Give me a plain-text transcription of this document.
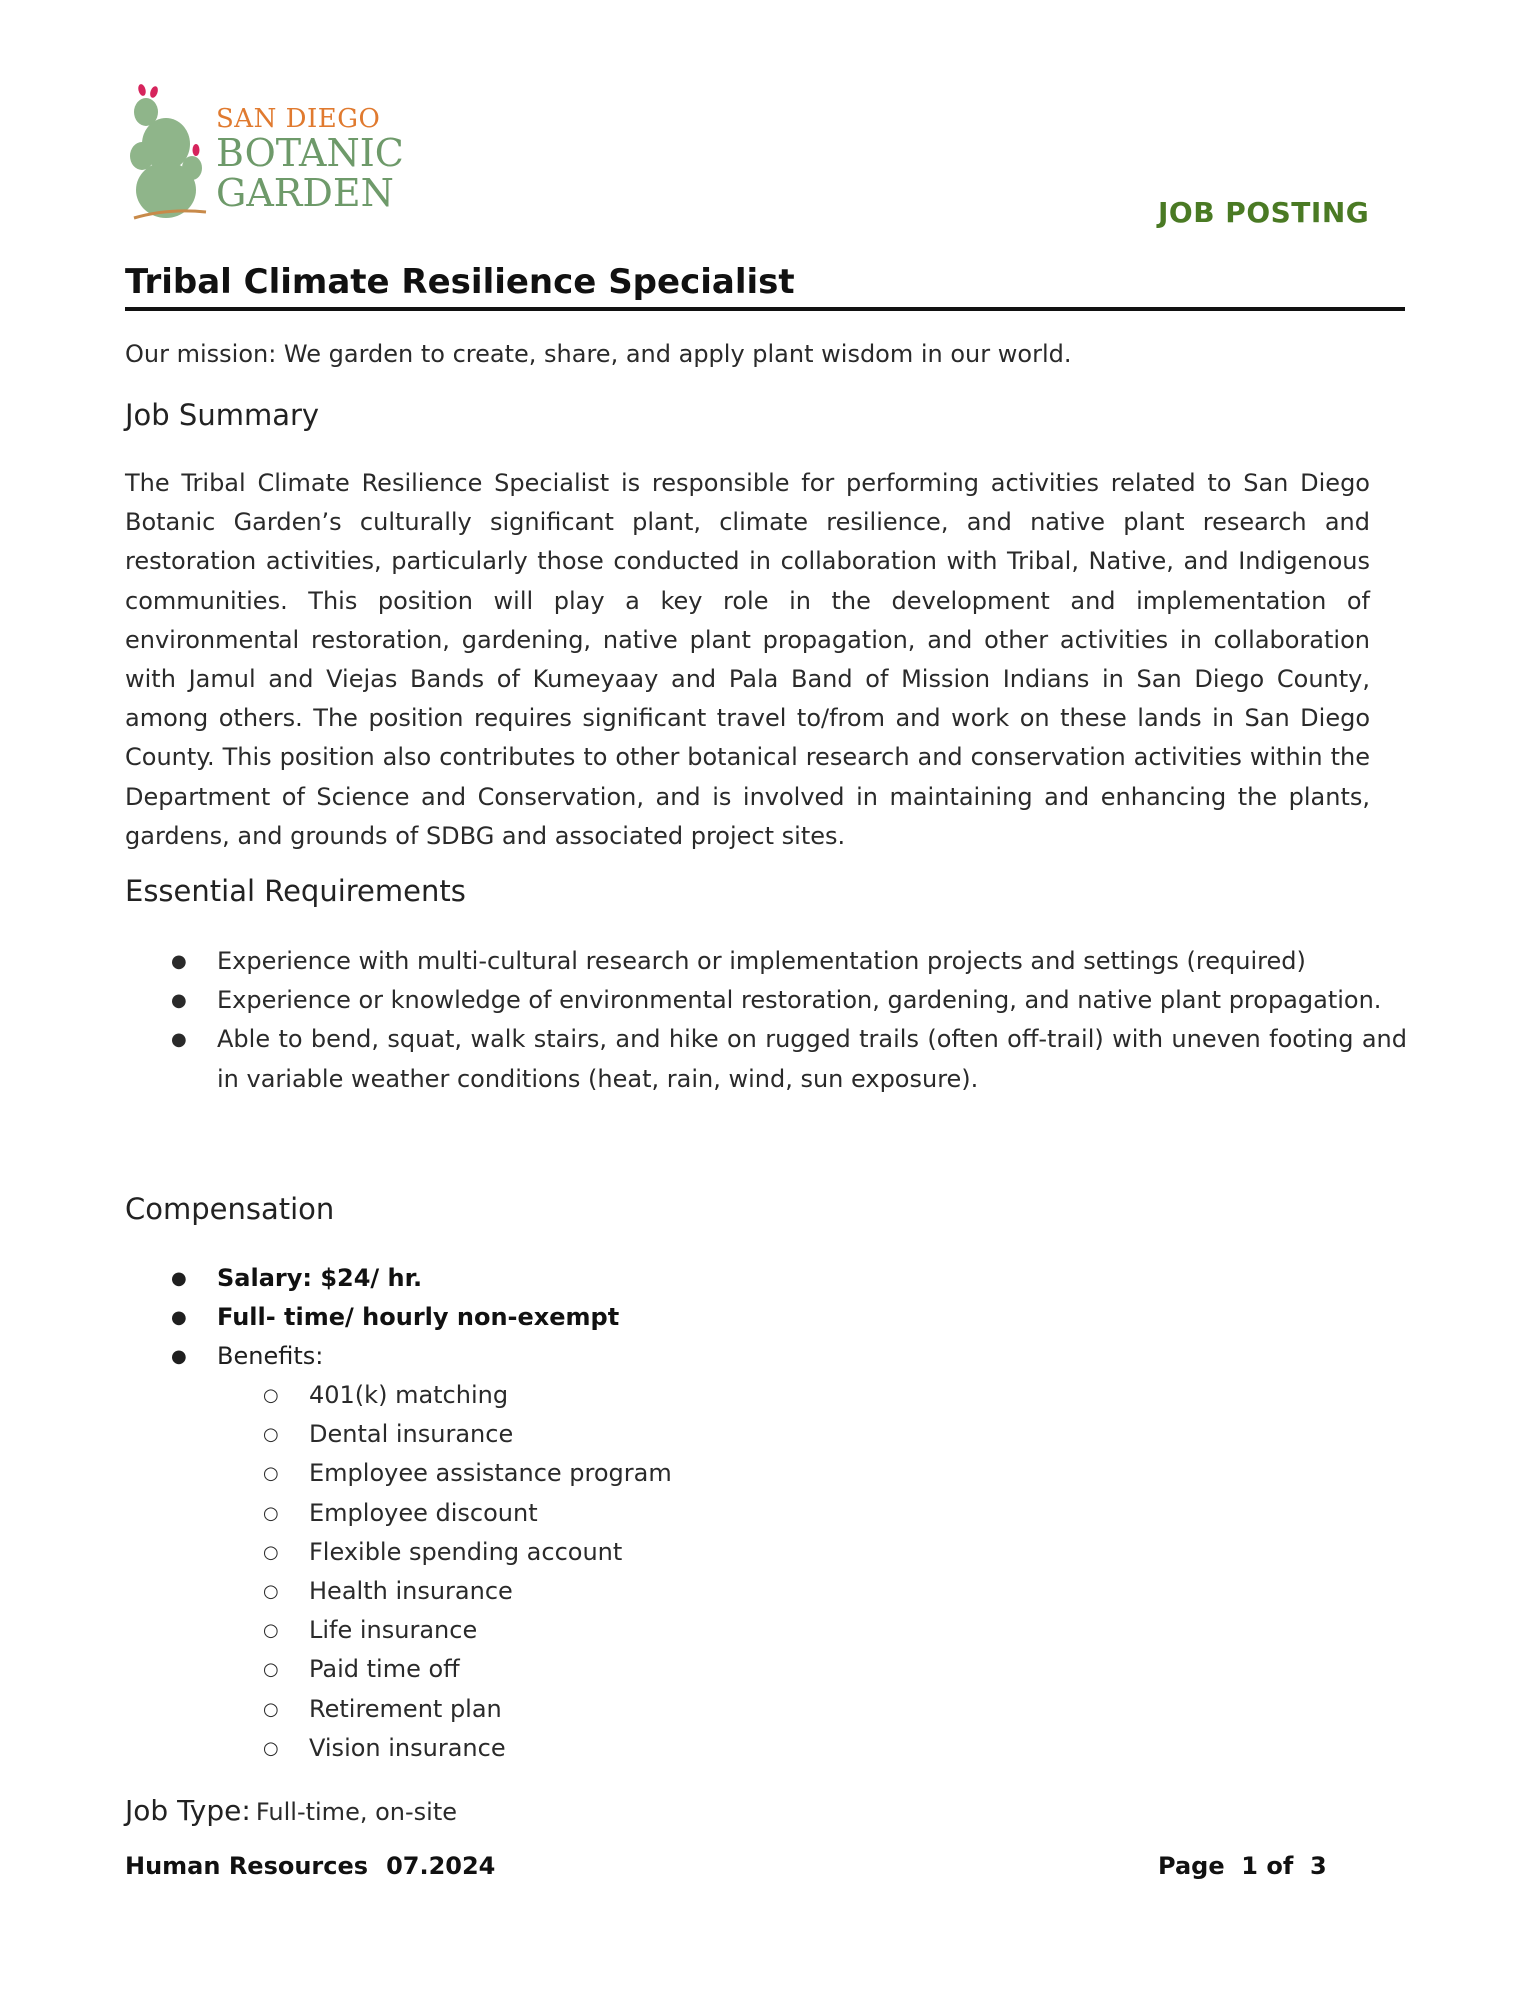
SAN DIEGO
BOTANIC
GARDEN	JOB POSTING
Tribal Climate Resilience Specialist
Our mission: We garden to create, share, and apply plant wisdom in our world.
Job Summary
The Tribal Climate Resilience Specialist is responsible for performing activities related to San Diego Botanic Garden’s culturally significant plant, climate resilience, and native plant research and restoration activities, particularly those conducted in collaboration with Tribal, Native, and Indigenous communities. This position will play a key role in the development and implementation of environmental restoration, gardening, native plant propagation, and other activities in collaboration with Jamul and Viejas Bands of Kumeyaay and Pala Band of Mission Indians in San Diego County, among others. The position requires significant travel to/from and work on these lands in San Diego County. This position also contributes to other botanical research and conservation activities within the Department of Science and Conservation, and is involved in maintaining and enhancing the plants, gardens, and grounds of SDBG and associated project sites.
Essential Requirements
● Experience with multi-cultural research or implementation projects and settings (required)
● Experience or knowledge of environmental restoration, gardening, and native plant propagation.
● Able to bend, squat, walk stairs, and hike on rugged trails (often off-trail) with uneven footing and in variable weather conditions (heat, rain, wind, sun exposure).
Compensation
● Salary: $24/ hr.
● Full- time/ hourly non-exempt
● Benefits:
○ 401(k) matching
○ Dental insurance
○ Employee assistance program
○ Employee discount
○ Flexible spending account
○ Health insurance
○ Life insurance
○ Paid time off
○ Retirement plan
○ Vision insurance
Job Type: Full-time, on-site
Human Resources 07.2024	Page  1 of  3
